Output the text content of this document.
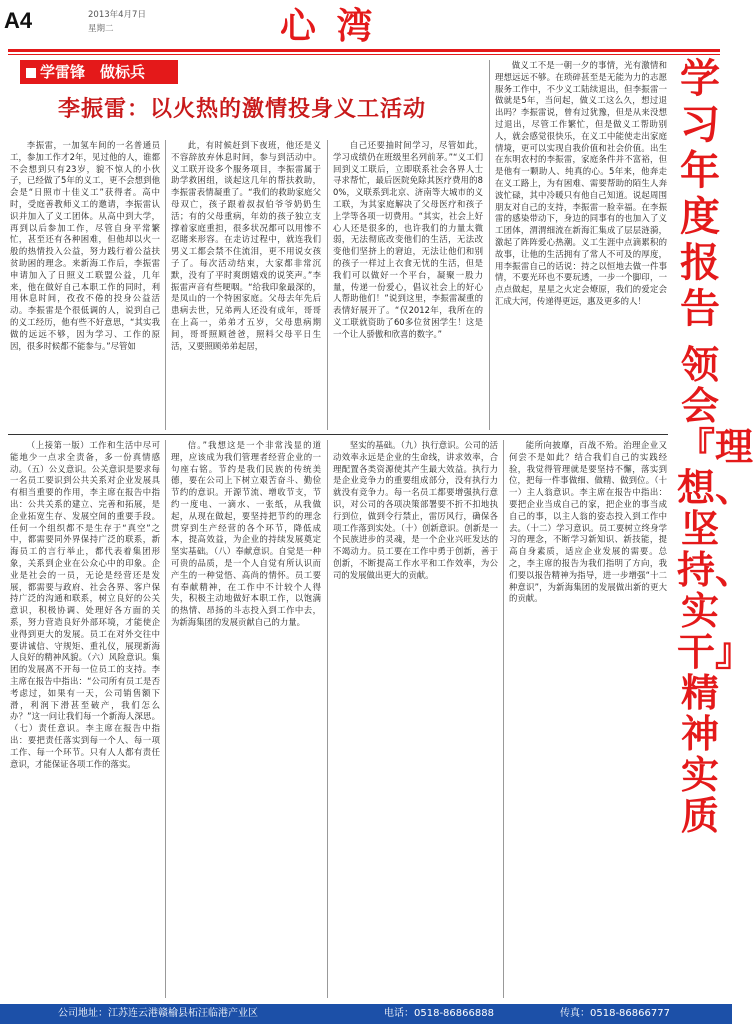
A4	2013年4月7日
星期二	心 湾
学雷锋　做标兵
李振雷：以火热的激情投身义工活动

李振雷，一加氢车间的一名普通员工，参加工作才2年，见过他的人，谁都不会想到只有23岁，貌不惊人的小伙子，已经做了5年的义工，更不会想到他会是“日照市十佳义工”获得者。高中时，受庭善教师义工的邀请，李振雷认识并加入了义工团体。从高中到大学，再到以后参加工作，尽管自身平常繁忙，甚至还有各种困难，但他却以火一般的热情投入公益，努力践行着公益扶贫助困的理念。来新海工作后，李振雷申请加入了日照义工联盟公益，几年来，他在做好自己本职工作的同时，利用休息时间，孜孜不倦的投身公益活动。李振雷是个很低调的人，说到自己的义工经历，他有些不好意思，“其实我做的远远不够，因为学习、工作的原因，很多时候都不能参与。”尽管如

此，有时候赶到下夜班，他还是义不容辞放弃休息时间，参与到活动中。义工联开设多个服务项目，李振雷属于助学救困组，谈起这几年的帮扶救助，李振雷表情凝重了。“我们的救助家庭父母双亡，孩子跟着叔叔伯爷爷奶奶生活；有的父母重病，年幼的孩子独立支撑着家庭重担，很多状况都可以用惨不忍睹来形容。在走访过程中，就连我们男义工都会禁不住流泪，更不用说女孩子了。每次活动结束，大家都非常沉默，没有了平时爽朗嬉戏的说笑声。”李振雷声音有些哽咽。“给我印象最深的，是凤山的一个特困家庭。父母去年先后患病去世，兄弟两人还没有成年，哥哥在上高一，弟弟才五岁，父母患病期间，哥哥照顾爸爸，照料父母平日生活，又要照顾弟弟起居，

自己还要抽时间学习，尽管如此，学习成绩仍在班级里名列前茅。”“义工们回到义工联后，立即联系社会各界人士寻求帮忙，最后医院免除其医疗费用的80%，义联系到北京、济南等大城市的义工联，为其家庭解决了父母医疗和孩子上学等各项一切费用。“其实，社会上好心人还是很多的，也许我们的力量太微弱，无法彻底改变他们的生活，无法改变他们坚挤上的窘迫，无法让他们和别的孩子一样过上衣食无忧的生活，但是我们可以做好一个平台，凝聚一股力量，传递一份爱心，倡议社会上的好心人帮助他们！”说到这里，李振雷凝重的表情好展开了。“仅2012年，我所在的义工联就资助了60多位贫困学生！这是一个让人骄傲和欣喜的数字。”

做义工不是一朝一夕的事情，光有激情和理想远远不够。在琐碎甚至是无能为力的志愿服务工作中，不少义工陆续退出，但李振雷一做就是5年，当问起，做义工这么久，想过退出吗？李振雷说，曾有过犹豫，但是从来没想过退出，尽管工作繁忙，但是做义工帮助别人，就会感觉很快乐，在义工中能使走出家庭情境，更可以实现自我价值和社会价值。出生在东明农村的李振雷，家庭条件并不富裕，但是他有一颗助人、纯真的心。5年来，他奔走在义工路上，为有困难、需要帮助的陌生人奔波忙碌，其中冷暖只有他自己知道。说起周围朋友对自己的支持，李振雷一脸幸福。在李振雷的感染带动下，身边的同事有的也加入了义工团体，渭渭细流在新海汇集成了层层涟漪，激起了阵阵爱心热潮。义工生涯中点滴累积的故事，让他的生活拥有了常人不可及的厚度，用李振雷自己的话说：持之以恒地去做一件事情，不要光环也不要玩透，一步一个脚印，一点点做起，星星之火定会燎原，我们的爱定会汇成大河，传递得更远，惠及更多的人！

（上接第一版）工作和生活中尽可能地少一点求全责备，多一份真情感动。（五）公义意识。公关意识是要求每一名员工要识到公共关系对企业发展具有相当重要的作用，李主席在报告中指出：公共关系的建立、完善和拓展，是企业拓宽生存、发展空间的重要手段。任何一个组织都不是生存于“真空”之中，都需要同外界保持广泛的联系，新海员工的言行举止，都代表着集团形象，关系到企业在公众心中的印象。企业是社会的一员，无论是经营还是发展，都需要与政府、社会各界、客户保持广泛的沟通和联系，树立良好的公关意识，积极协调、处理好各方面的关系，努力营造良好外部环境，才能使企业得到更大的发展。员工在对外交往中要讲诚信、守规矩、重礼仪，展现新海人良好的精神风貌。（六）风险意识。集团的发展离不开每一位员工的支持。李主席在报告中指出：“公司所有员工是否考虑过，如果有一天，公司销售额下滑，利润下滑甚至破产，我们怎么办？”这一问让我们每一个新海人深思。（七）责任意识。李主席在报告中指出：要把责任落实到每一个人、每一项工作、每一个环节。只有人人都有责任意识，才能保证各项工作的落实。

信。”我想这是一个非常浅显的道理，应该成为我们管理者经营企业的一句座右铭。节约是我们民族的传统美德，要在公司上下树立艰苦奋斗、勤俭节约的意识。开源节流、增收节支，节约一度电、一滴水、一张纸，从我做起，从现在做起，要坚持把节约的理念贯穿到生产经营的各个环节，降低成本，提高效益，为企业的持续发展奠定坚实基础。（八）奉献意识。自觉是一种可贵的品质，是一个人自觉有所认识而产生的一种觉悟、高尚的情怀。员工要有奉献精神，在工作中不计较个人得失，积极主动地做好本职工作，以饱满的热情、昂扬的斗志投入到工作中去，为新海集团的发展贡献自己的力量。

坚实的基础。（九）执行意识。公司的活动效率永远是企业的生命线，讲求效率，合理配置各类资源使其产生最大效益。执行力是企业竞争力的重要组成部分，没有执行力就没有竞争力。每一名员工都要增强执行意识，对公司的各项决策部署要不折不扣地执行到位，做到令行禁止，雷厉风行，确保各项工作落到实处。（十）创新意识。创新是一个民族进步的灵魂，是一个企业兴旺发达的不竭动力。员工要在工作中勇于创新，善于创新，不断提高工作水平和工作效率，为公司的发展做出更大的贡献。

能所向披靡，百战不殆。治理企业又何尝不是如此？结合我们自己的实践经验，我觉得管理就是要坚持不懈，落实到位，把每一件事做细、做精、做到位。（十一）主人翁意识。李主席在报告中指出：要把企业当成自己的家，把企业的事当成自己的事，以主人翁的姿态投入到工作中去。（十二）学习意识。员工要树立终身学习的理念，不断学习新知识、新技能，提高自身素质，适应企业发展的需要。总之，李主席的报告为我们指明了方向，我们要以报告精神为指导，进一步增强“十二种意识”，为新海集团的发展做出新的更大的贡献。

学习年度报告
领会『理想、坚持、实干』精神实质
公司地址：江苏连云港赣榆县柘汪临港产业区	电话：0518-86866888	传真：0518-86866777
